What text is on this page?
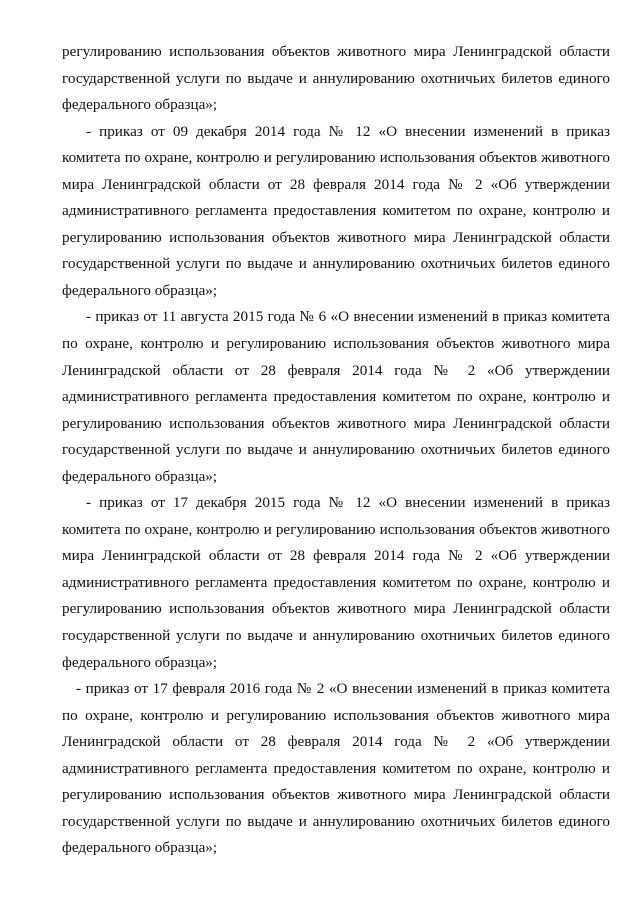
регулированию использования объектов животного мира Ленинградской области
государственной услуги по выдаче и аннулированию охотничьих билетов единого
федерального образца»;
- приказ от 09 декабря 2014 года № 12 «О внесении изменений в приказ
комитета по охране, контролю и регулированию использования объектов животного
мира Ленинградской области от 28 февраля 2014 года № 2 «Об утверждении
административного регламента предоставления комитетом по охране, контролю и
регулированию использования объектов животного мира Ленинградской области
государственной услуги по выдаче и аннулированию охотничьих билетов единого
федерального образца»;
- приказ от 11 августа 2015 года № 6 «О внесении изменений в приказ комитета
по охране, контролю и регулированию использования объектов животного мира
Ленинградской области от 28 февраля 2014 года № 2 «Об утверждении
административного регламента предоставления комитетом по охране, контролю и
регулированию использования объектов животного мира Ленинградской области
государственной услуги по выдаче и аннулированию охотничьих билетов единого
федерального образца»;
- приказ от 17 декабря 2015 года № 12 «О внесении изменений в приказ
комитета по охране, контролю и регулированию использования объектов животного
мира Ленинградской области от 28 февраля 2014 года № 2 «Об утверждении
административного регламента предоставления комитетом по охране, контролю и
регулированию использования объектов животного мира Ленинградской области
государственной услуги по выдаче и аннулированию охотничьих билетов единого
федерального образца»;
- приказ от 17 февраля 2016 года № 2 «О внесении изменений в приказ комитета
по охране, контролю и регулированию использования объектов животного мира
Ленинградской области от 28 февраля 2014 года № 2 «Об утверждении
административного регламента предоставления комитетом по охране, контролю и
регулированию использования объектов животного мира Ленинградской области
государственной услуги по выдаче и аннулированию охотничьих билетов единого
федерального образца»;
